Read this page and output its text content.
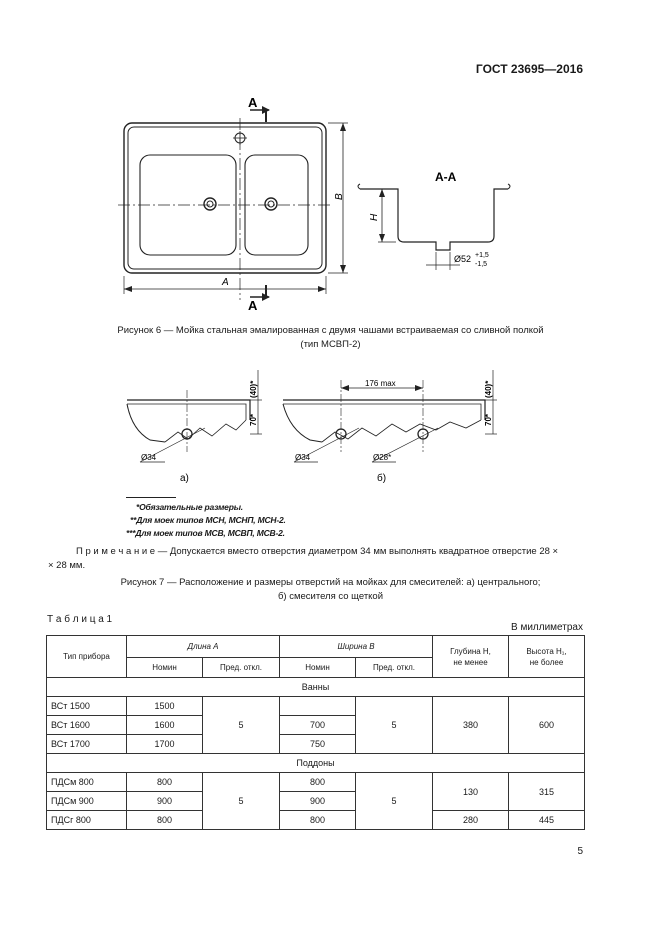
ГОСТ 23695—2016
А
А
B
A
А-А
H
Ø52 +1,5
-1,5
Рисунок 6 — Мойка стальная эмалированная с двумя чашами встраиваемая со сливной полкой
(тип МСВП-2)
Ø34
(40)*
70*
а)
176 max
Ø34	Ø28*
(40)*
70*
б)
*Обязательные размеры.
**Для моек типов МСН, МСНП, МСН-2.
***Для моек типов МСВ, МСВП, МСВ-2.
П р и м е ч а н и е — Допускается вместо отверстия диаметром 34 мм выполнять квадратное отверстие 28 ×
× 28 мм.
Рисунок 7 — Расположение и размеры отверстий на мойках для смесителей: а) центрального;
б) смесителя со щеткой
Т а б л и ц а 1
В миллиметрах
Тип прибора	Длина A		Ширина B		Глубина H,
не менее	Высота H₁,
не более
	Номин	Пред. откл.	Номин	Пред. откл.		
Ванны						
ВСт 1500	1500	5		5	380	600
ВСт 1600	1600		700			
ВСт 1700	1700		750			
Поддоны						
ПДСм 800	800	5	800	5	130	315
ПДСм 900	900		900			
ПДСг 800	800		800		280	445
5
